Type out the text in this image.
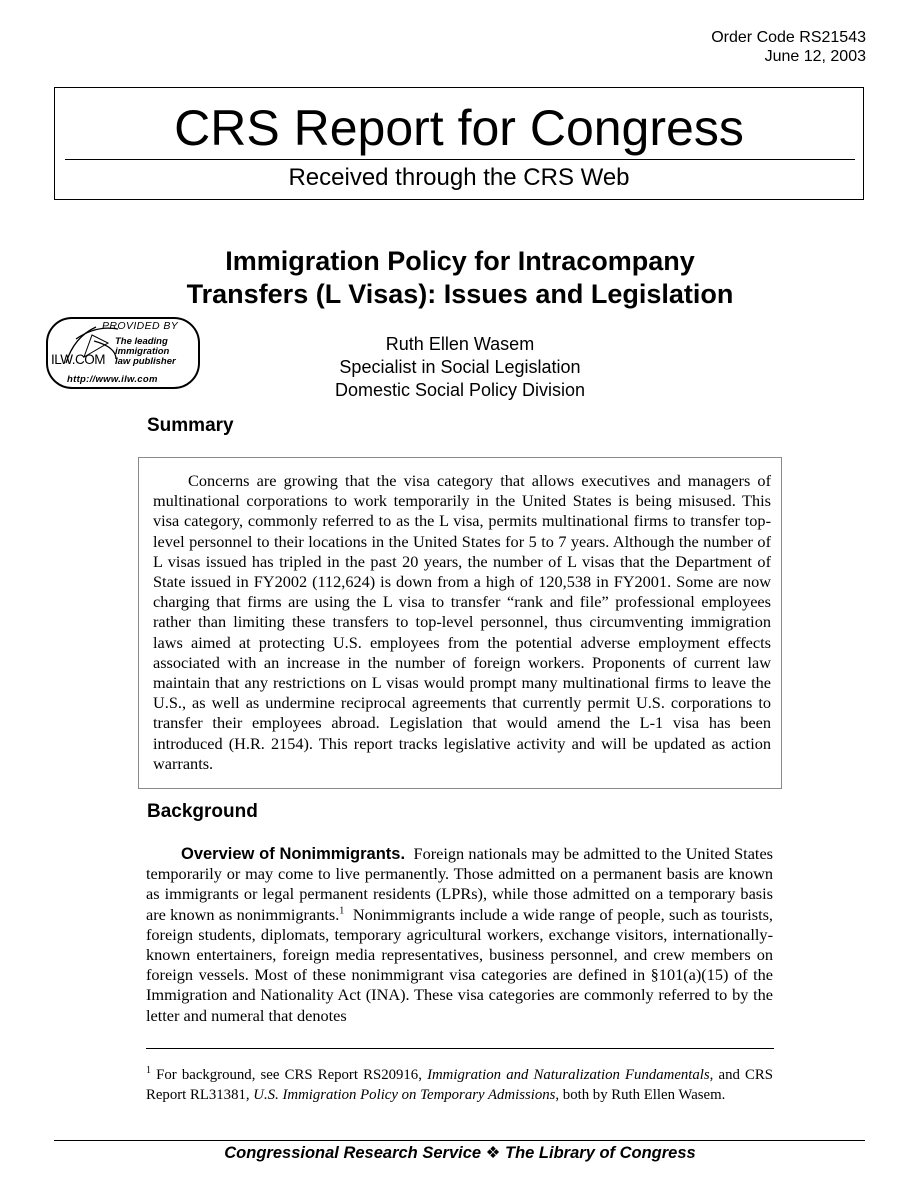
Order Code RS21543
June 12, 2003
CRS Report for Congress
Received through the CRS Web
Immigration Policy for Intracompany
Transfers (L Visas): Issues and Legislation
PROVIDED BY
The leading
immigration
law publisher
ILW.COM
http://www.ilw.com
Ruth Ellen Wasem
Specialist in Social Legislation
Domestic Social Policy Division
Summary

Concerns are growing that the visa category that allows executives and managers of multinational corporations to work temporarily in the United States is being misused. This visa category, commonly referred to as the L visa, permits multinational firms to transfer top-level personnel to their locations in the United States for 5 to 7 years. Although the number of L visas issued has tripled in the past 20 years, the number of L visas that the Department of State issued in FY2002 (112,624) is down from a high of 120,538 in FY2001. Some are now charging that firms are using the L visa to transfer “rank and file” professional employees rather than limiting these transfers to top-level personnel, thus circumventing immigration laws aimed at protecting U.S. employees from the potential adverse employment effects associated with an increase in the number of foreign workers. Proponents of current law maintain that any restrictions on L visas would prompt many multinational firms to leave the U.S., as well as undermine reciprocal agreements that currently permit U.S. corporations to transfer their employees abroad. Legislation that would amend the L-1 visa has been introduced (H.R. 2154). This report tracks legislative activity and will be updated as action warrants.

Background

Overview of Nonimmigrants. Foreign nationals may be admitted to the United States temporarily or may come to live permanently. Those admitted on a permanent basis are known as immigrants or legal permanent residents (LPRs), while those admitted on a temporary basis are known as nonimmigrants.$^1$ Nonimmigrants include a wide range of people, such as tourists, foreign students, diplomats, temporary agricultural workers, exchange visitors, internationally-known entertainers, foreign media representatives, business personnel, and crew members on foreign vessels. Most of these nonimmigrant visa categories are defined in §101(a)(15) of the Immigration and Nationality Act (INA). These visa categories are commonly referred to by the letter and numeral that denotes

$^1$ For background, see CRS Report RS20916, Immigration and Naturalization Fundamentals, and CRS Report RL31381, U.S. Immigration Policy on Temporary Admissions, both by Ruth Ellen Wasem.

Congressional Research Service ❖ The Library of Congress
